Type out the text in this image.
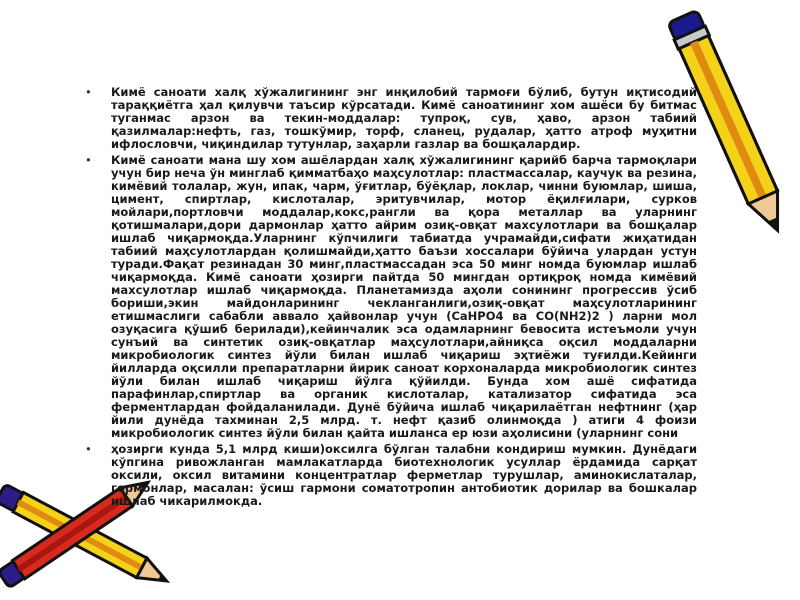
• Кимё саноати халқ хўжалигининг энг инқилобий тармоғи бўлиб, бутун иқтисодий тараққиётга ҳал қилувчи таъсир кўрсатади. Кимё саноатининг хом ашёси бу битмас туганмас арзон ва текин-моддалар: тупроқ, сув, ҳаво, арзон табиий қазилмалар:нефть, газ, тошкўмир, торф, сланец, рудалар, ҳатто атроф муҳитни ифлословчи, чиқиндилар тутунлар, заҳарли газлар ва бошқалардир.
• Кимё саноати мана шу хом ашёлардан халқ хўжалигининг қарийб барча тармоқлари учун бир неча ўн минглаб қимматбаҳо маҳсулотлар: пластмассалар, каучук ва резина, кимёвий толалар, жун, ипак, чарм, ўғитлар, бўёқлар, локлар, чинни буюмлар, шиша, цимент, спиртлар, кислоталар, эритувчилар, мотор ёқилғилари, сурков мойлари,портловчи моддалар,кокс,рангли ва қора металлар ва уларнинг қотишмалари,дори дармонлар ҳатто айрим озиқ-овқат махсулотлари ва бошқалар ишлаб чиқармоқда.Уларнинг кўпчилиги табиатда учрамайди,сифати жиҳатидан табиий маҳсулотлардан қолишмайди,ҳатто баъзи хоссалари бўйича улардан устун туради.Фақат резинадан 30 минг,пластмассадан эса 50 минг номда буюмлар ишлаб чиқармоқда. Кимё саноати ҳозирги пайтда 50 мингдан ортиқроқ номда кимёвий махсулотлар ишлаб чиқармоқда. Планетамизда аҳоли сонининг прогрессив ўсиб бориши,экин майдонларининг чекланганлиги,озиқ-овқат маҳсулотларининг етишмаслиги сабабли аввало ҳайвонлар учун (СаНРО4 ва СО(NН2)2 ) ларни мол озуқасига қўшиб берилади),кейинчалик эса одамларнинг бевосита истеъмоли учун сунъий ва синтетик озиқ-овқатлар маҳсулотлари,айниқса оқсил моддаларни микробиологик синтез йўли билан ишлаб чиқариш эҳтиёжи туғилди.Кейинги йилларда оқсилли препаратларни йирик саноат корхоналарда микробиологик синтез йўли билан ишлаб чиқариш йўлга қўйилди. Бунда хом ашё сифатида парафинлар,спиртлар ва органик кислоталар, катализатор сифатида эса ферментлардан фойдаланилади. Дунё бўйича ишлаб чиқарилаётган нефтнинг (ҳар йили дунёда тахминан 2,5 млрд. т. нефт қазиб олинмоқда ) атиги 4 фоизи микробиологик синтез йўли билан қайта ишланса ер юзи аҳолисини (уларнинг сони
• ҳозирги кунда 5,1 млрд киши)оксилга бўлган талабни кондириш мумкин. Дунёдаги кўпгина ривожланган мамлакатларда биотехнологик усуллар ёрдамида сарқат оксили, оксил витамини концентратлар ферметлар турушлар, аминокислаталар, гормонлар, масалан: ўсиш гармони соматотропин антобиотик дорилар ва бошкалар ишлаб чикарилмокда.
